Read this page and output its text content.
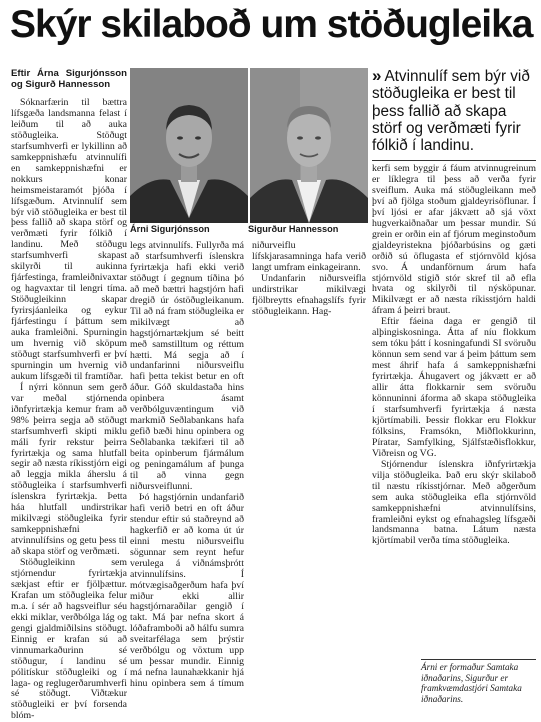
Skýr skilaboð um stöðugleika
Árni Sigurjónsson	Sigurður Hannesson
» Atvinnulíf sem býr við stöðugleika er best til þess fallið að skapa störf og verðmæti fyrir fólkið í landinu.
Eftir Árna Sigurjónsson og Sigurð Hannesson

Sóknarfærin til bættra lífsgæða landsmanna felast í leiðum til að auka stöðugleika. Stöðugt starfsumhverfi er lykillinn að samkeppnishæfu atvinnulífi en samkeppnishæfni er nokkurs konar heimsmeistaramót þjóða í lífsgæðum. Atvinnulíf sem býr við stöðugleika er best til þess fallið að skapa störf og verðmæti fyrir fólkið í landinu. Með stöðugu starfsumhverfi skapast skilyrði til aukinna fjárfestinga, framleiðnivaxtar og hagvaxtar til lengri tíma. Stöðugleikinn skapar fyrirsjáanleika og eykur fjárfestingu í þáttum sem auka framleiðni. Spurningin um hvernig við sköpum stöðugt starfsumhverfi er því spurningin um hvernig við aukum lífsgæði til framtíðar.

Í nýrri könnun sem gerð var meðal stjórnenda iðnfyrirtækja kemur fram að 98% þeirra segja að stöðugt starfsumhverfi skipti miklu máli fyrir rekstur þeirra fyrirtækja og sama hlutfall segir að næsta ríkisstjórn eigi að leggja mikla áherslu á stöðugleika í starfsumhverfi íslenskra fyrirtækja. Þetta háa hlutfall undirstrikar mikilvægi stöðugleika fyrir samkeppnishæfni atvinnulífsins og getu þess til að skapa störf og verðmæti.

Stöðugleikinn sem stjórnendur fyrirtækja sækjast eftir er fjölþættur. Krafan um stöðugleika felur m.a. í sér að hagsveiflur séu ekki miklar, verðbólga lág og gengi gjaldmiðilsins stöðugt. Einnig er krafan sú að vinnumarkaðurinn sé stöðugur, í landinu sé pólitískur stöðugleiki og í laga- og reglugerðarumhverfi sé stöðugt. Viðtækur stöðugleiki er því forsenda blóm-

legs atvinnulífs. Fullyrða má að starfsumhverfi íslenskra fyrirtækja hafi ekki verið stöðugt í gegnum tíðina þó að með bættri hagstjórn hafi dregið úr óstöðugleikanum. Til að ná fram stöðugleika er mikilvægt að hagstjórnartækjum sé beitt með samstilltum og réttum hætti. Má segja að í undanfarinni niðursveiflu hafi þetta tekist betur en oft áður. Góð skuldastaða hins opinbera ásamt verðbólguvæntingum við markmið Seðlabankans hafa gefið bæði hinu opinbera og Seðlabanka tækifæri til að beita opinberum fjármálum og peningamálum af þunga til að vinna gegn niðursveiflunni.

Þó hagstjórnin undanfarið hafi verið betri en oft áður stendur eftir sú staðreynd að hagkerfið er að koma út úr einni mestu niðursveiflu sögunnar sem reynt hefur verulega á viðnámsþrótt atvinnulífsins. Í mótvægisaðgerðum hafa því miður ekki allir hagstjórnaraðilar gengið í takt. Má þar nefna skort á lóðaframboði að hálfu sumra sveitarfélaga sem þrýstir verðbólgu og vöxtum upp um þessar mundir. Einnig má nefna launahækkanir hjá hinu opinbera sem á tímum niðurveiflu lífskjarasamninga hafa verið langt umfram einkageirann.

Undanfarin niðursveifla undirstrikar mikilvægi fjölbreytts efnahagslífs fyrir stöðugleikann. Hag-

kerfi sem byggir á fáum atvinnugreinum er líklegra til þess að verða fyrir sveiflum. Auka má stöðugleikann með því að fjölga stoðum gjaldeyrisöflunar. Í því ljósi er afar jákvætt að sjá vöxt hugverkaiðnaðar um þessar mundir. Sú grein er orðin ein af fjórum meginstoðum gjaldeyristekna þjóðarbúsins og gæti orðið sú öflugasta ef stjórnvöld kjósa svo. Á undanförnum árum hafa stjórnvöld stigið stór skref til að efla hvata og skilyrði til nýsköpunar. Mikilvægt er að næsta ríkisstjórn haldi áfram á þeirri braut.

Eftir fáeina daga er gengið til alþingiskosninga. Átta af níu flokkum sem tóku þátt í kosningafundi SI svöruðu könnun sem send var á þeim þáttum sem mest áhrif hafa á samkeppnishæfni fyrirtækja. Áhugavert og jákvætt er að allir átta flokkarnir sem svöruðu könnuninni áforma að skapa stöðugleika í starfsumhverfi fyrirtækja á næsta kjörtímabili. Þessir flokkar eru Flokkur fólksins, Framsókn, Miðflokkurinn, Píratar, Samfylking, Sjálfstæðisflokkur, Viðreisn og VG.

Stjórnendur íslenskra iðnfyrirtækja vilja stöðugleika. Það eru skýr skilaboð til næstu ríkisstjórnar. Með aðgerðum sem auka stöðugleika efla stjórnvöld samkeppnishæfni atvinnulífsins, framleiðni eykst og efnahagsleg lífsgæði landsmanna batna. Látum næsta kjörtímabil verða tíma stöðugleika.

Árni er formaður Samtaka iðnaðarins, Sigurður er framkvæmdastjóri Samtaka iðnaðarins.
